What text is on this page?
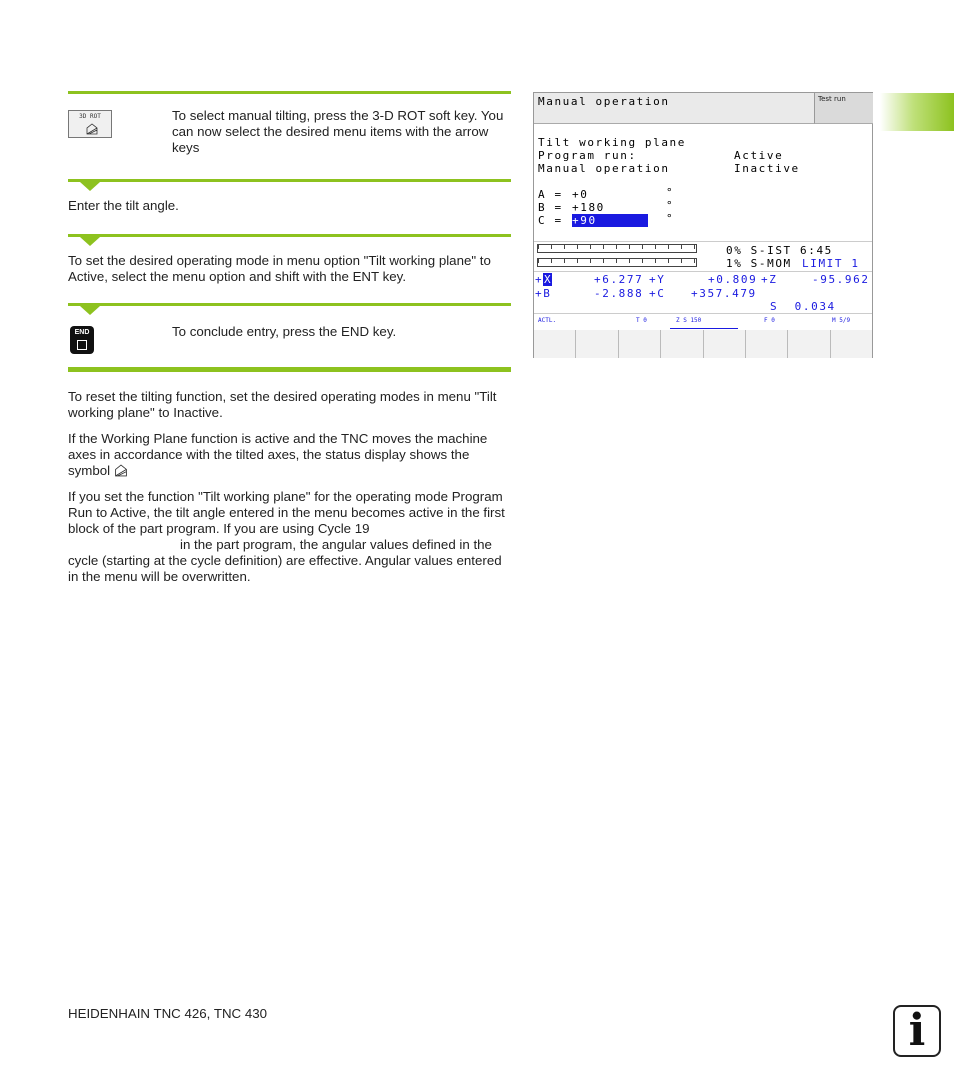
3D ROT	To select manual tilting, press the 3-D ROT soft key. You can now select the desired menu items with the arrow keys
Enter the tilt angle.
To set the desired operating mode in menu option "Tilt working plane" to Active, select the menu option and shift with the ENT key.
END	To conclude entry, press the END key.
To reset the tilting function, set the desired operating modes in menu "Tilt working plane" to Inactive.
If the Working Plane function is active and the TNC moves the machine axes in accordance with the tilted axes, the status display shows the symbol
If you set the function "Tilt working plane" for the operating mode Program Run to Active, the tilt angle entered in the menu becomes active in the first block of the part program. If you are using Cycle 19
in the part program, the angular values defined in the cycle (starting at the cycle definition) are effective. Angular values entered in the menu will be overwritten.
Manual operation	Test run
Tilt working plane
Program run:	Active
Manual operation	Inactive
A = +0	°
B = +180	°
C = +90	°
0% S-IST 6:45
1% S-MOM LIMIT 1
+ X	+6.277 +Y	+0.809 +Z	-95.962
+B	-2.888 +C +357.479
S  0.034
ACTL.	T 0	Z S 150	F 0	M 5/9
HEIDENHAIN TNC 426, TNC 430	i
